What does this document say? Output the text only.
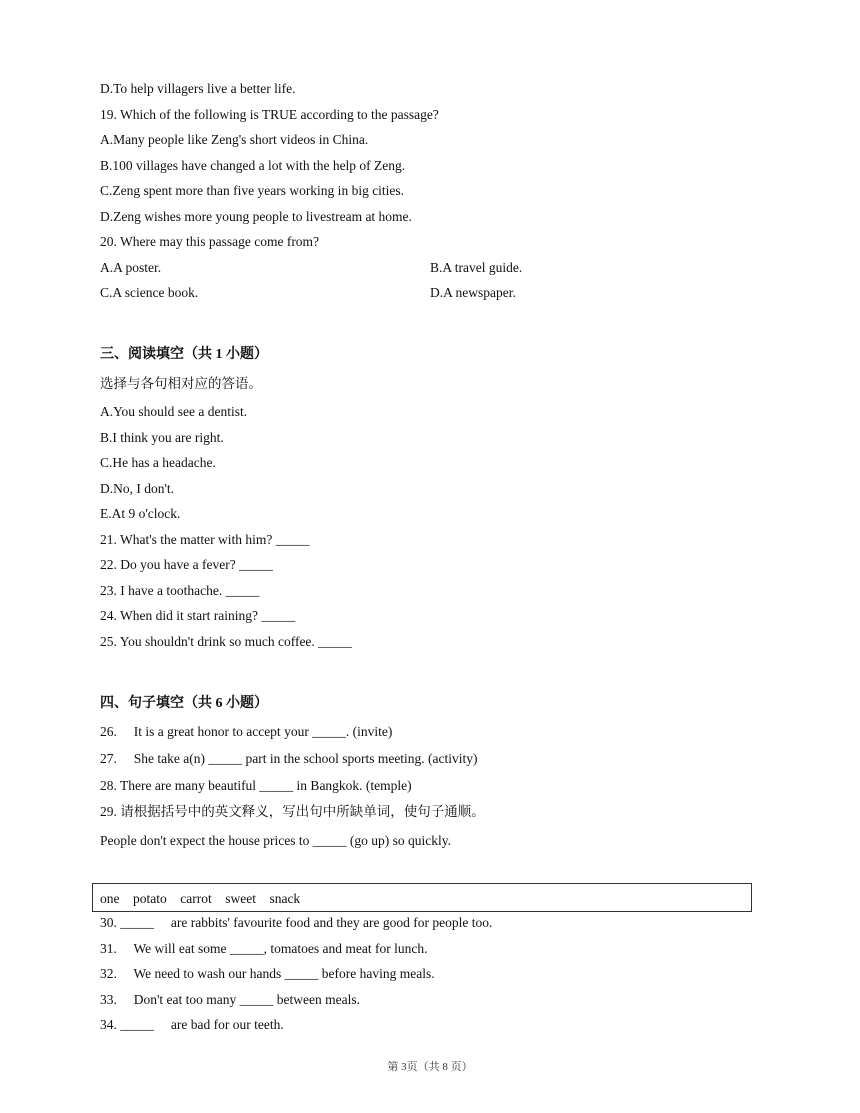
D.To help villagers live a better life.
19. Which of the following is TRUE according to the passage?
A.Many people like Zeng's short videos in China.
B.100 villages have changed a lot with the help of Zeng.
C.Zeng spent more than five years working in big cities.
D.Zeng wishes more young people to livestream at home.
20. Where may this passage come from?
A.A poster.	B.A travel guide.
C.A science book.	D.A newspaper.
三、阅读填空（共 1 小题）
选择与各句相对应的答语。
A.You should see a dentist.
B.I think you are right.
C.He has a headache.
D.No, I don't.
E.At 9 o'clock.
21. What's the matter with him? _____
22. Do you have a fever? _____
23. I have a toothache. _____
24. When did it start raining? _____
25. You shouldn't drink so much coffee. _____
四、句子填空（共 6 小题）
26.     It is a great honor to accept your _____. (invite)
27.     She take a(n) _____ part in the school sports meeting. (activity)
28. There are many beautiful _____ in Bangkok. (temple)
29. 请根据括号中的英文释义，写出句中所缺单词，使句子通顺。
People don't expect the house prices to _____ (go up) so quickly.
one    potato    carrot    sweet    snack
30. _____     are rabbits' favourite food and they are good for people too.
31.     We will eat some _____, tomatoes and meat for lunch.
32.     We need to wash our hands _____ before having meals.
33.     Don't eat too many _____ between meals.
34. _____     are bad for our teeth.
第 3页（共 8 页）
